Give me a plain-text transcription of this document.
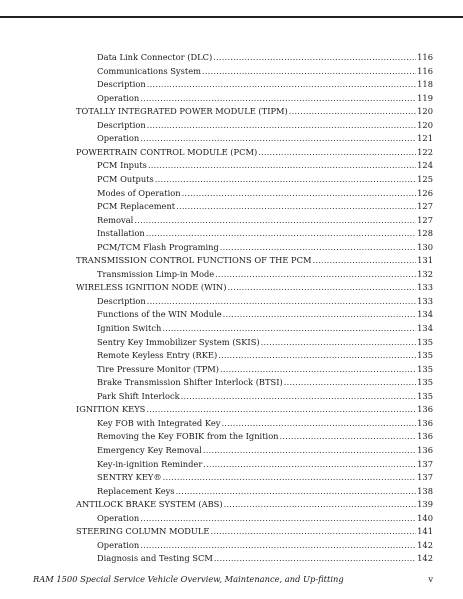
Data Link Connector (DLC) .....	116
Communications System .....	116
Description .....	118
Operation .....	119
TOTALLY INTEGRATED POWER MODULE (TIPM) .....	120
Description .....	120
Operation .....	121
POWERTRAIN CONTROL MODULE (PCM) .....	122
PCM Inputs .....	124
PCM Outputs .....	125
Modes of Operation .....	126
PCM Replacement .....	127
Removal .....	127
Installation .....	128
PCM/TCM Flash Programing .....	130
TRANSMISSION CONTROL FUNCTIONS OF THE PCM .....	131
Transmission Limp-in Mode .....	132
WIRELESS IGNITION NODE (WIN) .....	133
Description .....	133
Functions of the WIN Module .....	134
Ignition Switch .....	134
Sentry Key Immobilizer System (SKIS) .....	135
Remote Keyless Entry (RKE) .....	135
Tire Pressure Monitor (TPM) .....	135
Brake Transmission Shifter Interlock (BTSI) .....	135
Park Shift Interlock .....	135
IGNITION KEYS .....	136
Key FOB with Integrated Key .....	136
Removing the Key FOBIK from the Ignition .....	136
Emergency Key Removal .....	136
Key-in-ignition Reminder .....	137
SENTRY KEY® .....	137
Replacement Keys .....	138
ANTILOCK BRAKE SYSTEM (ABS) .....	139
Operation .....	140
STEERING COLUMN MODULE .....	141
Operation .....	142
Diagnosis and Testing SCM .....	142
RAM 1500 Special Service Vehicle Overview, Maintenance, and Up-fitting	v
